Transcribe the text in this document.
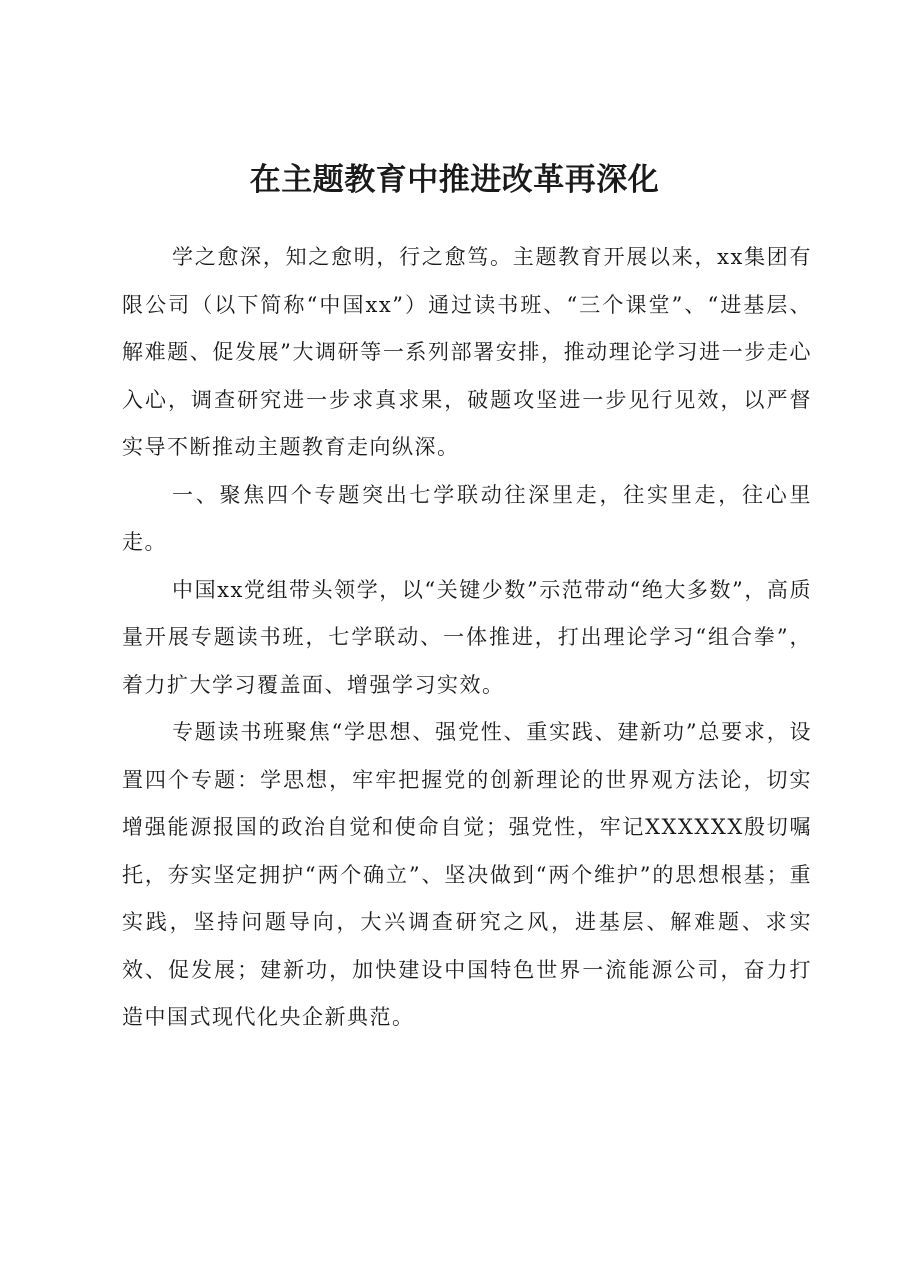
在主题教育中推进改革再深化

学之愈深，知之愈明，行之愈笃。主题教育开展以来，xx集团有限公司（以下简称“中国xx”）通过读书班、“三个课堂”、“进基层、解难题、促发展”大调研等一系列部署安排，推动理论学习进一步走心入心，调查研究进一步求真求果，破题攻坚进一步见行见效，以严督实导不断推动主题教育走向纵深。

一、聚焦四个专题突出七学联动往深里走，往实里走，往心里走。

中国xx党组带头领学，以“关键少数”示范带动“绝大多数”，高质量开展专题读书班，七学联动、一体推进，打出理论学习“组合拳”，着力扩大学习覆盖面、增强学习实效。

专题读书班聚焦“学思想、强党性、重实践、建新功”总要求，设置四个专题：学思想，牢牢把握党的创新理论的世界观方法论，切实增强能源报国的政治自觉和使命自觉；强党性，牢记XXXXXX殷切嘱托，夯实坚定拥护“两个确立”、坚决做到“两个维护”的思想根基；重实践，坚持问题导向，大兴调查研究之风，进基层、解难题、求实效、促发展；建新功，加快建设中国特色世界一流能源公司，奋力打造中国式现代化央企新典范。
